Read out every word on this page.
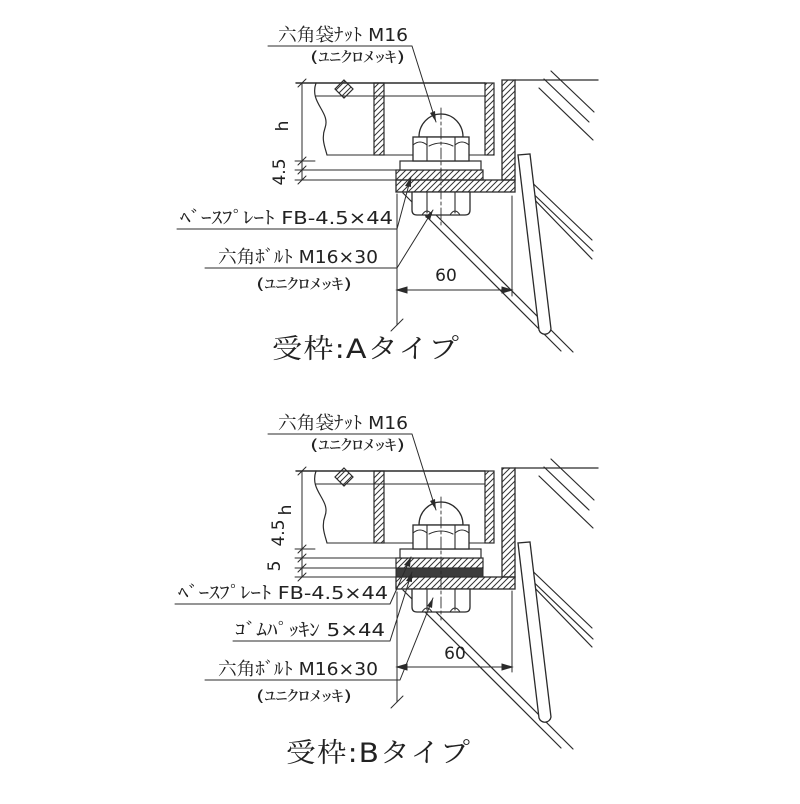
h
4.5
60
六角袋ﾅｯﾄ M16
(ﾕﾆｸﾛﾒｯｷ)
ﾍﾞｰｽﾌﾟﾚｰﾄ FB-4.5×44
六角ﾎﾞﾙﾄ M16×30
(ﾕﾆｸﾛﾒｯｷ)
受枠:Aタイプ
h
4.5
5
60
六角袋ﾅｯﾄ M16
(ﾕﾆｸﾛﾒｯｷ)
ﾍﾞｰｽﾌﾟﾚｰﾄ FB-4.5×44
ｺﾞﾑﾊﾟｯｷﾝ 5×44
六角ﾎﾞﾙﾄ M16×30
(ﾕﾆｸﾛﾒｯｷ)
受枠:Bタイプ
